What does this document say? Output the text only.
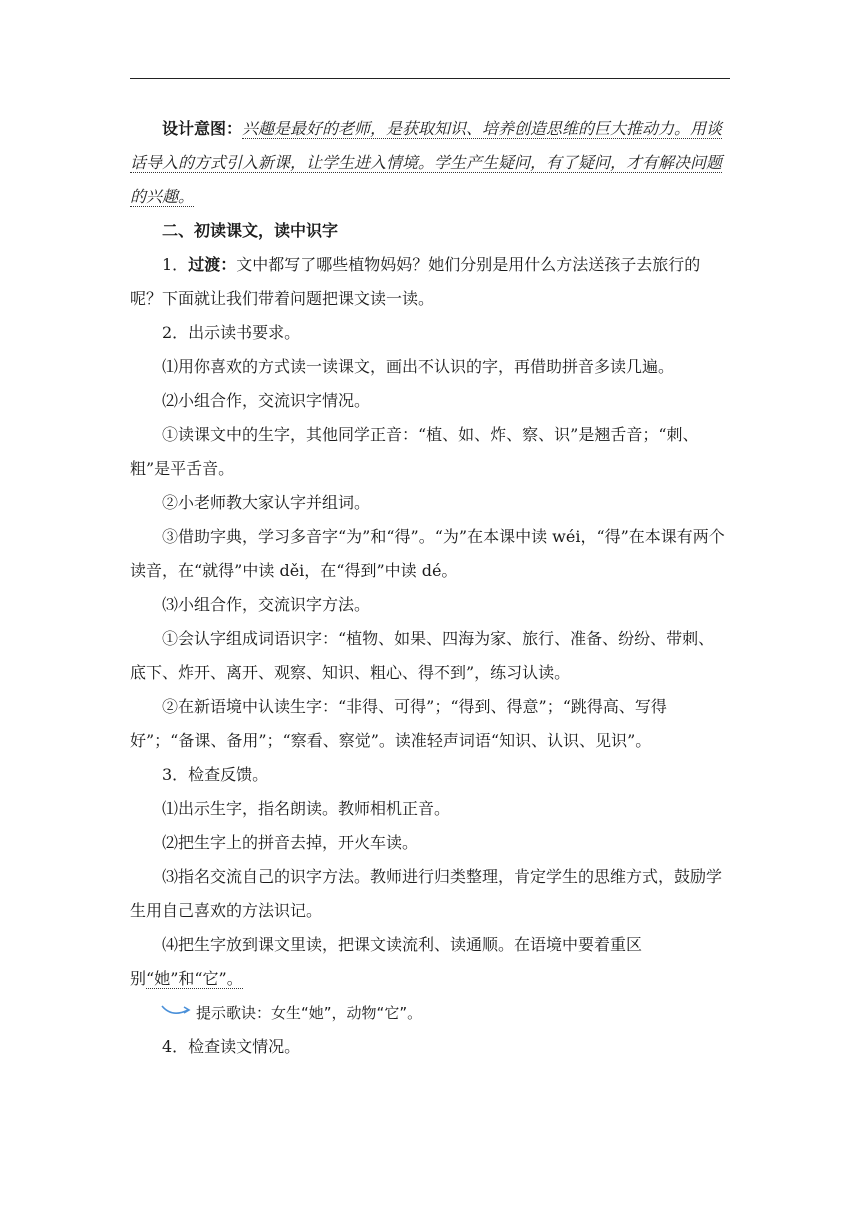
设计意图：兴趣是最好的老师，是获取知识、培养创造思维的巨大推动力。用谈话导入的方式引入新课，让学生进入情境。学生产生疑问，有了疑问，才有解决问题的兴趣。

二、初读课文，读中识字

1．过渡：文中都写了哪些植物妈妈？她们分别是用什么方法送孩子去旅行的呢？下面就让我们带着问题把课文读一读。

2．出示读书要求。

⑴用你喜欢的方式读一读课文，画出不认识的字，再借助拼音多读几遍。

⑵小组合作，交流识字情况。

①读课文中的生字，其他同学正音：“植、如、炸、察、识”是翘舌音；“刺、粗”是平舌音。

②小老师教大家认字并组词。

③借助字典，学习多音字“为”和“得”。“为”在本课中读 wéi，“得”在本课有两个读音，在“就得”中读 děi，在“得到”中读 dé。

⑶小组合作，交流识字方法。

①会认字组成词语识字：“植物、如果、四海为家、旅行、准备、纷纷、带刺、底下、炸开、离开、观察、知识、粗心、得不到”，练习认读。

②在新语境中认读生字：“非得、可得”；“得到、得意”；“跳得高、写得好”；“备课、备用”；“察看、察觉”。读准轻声词语“知识、认识、见识”。

3．检查反馈。

⑴出示生字，指名朗读。教师相机正音。

⑵把生字上的拼音去掉，开火车读。

⑶指名交流自己的识字方法。教师进行归类整理，肯定学生的思维方式，鼓励学生用自己喜欢的方法识记。

⑷把生字放到课文里读，把课文读流利、读通顺。在语境中要着重区别“她”和“它”。

提示歌诀：女生“她”，动物“它”。

4．检查读文情况。
